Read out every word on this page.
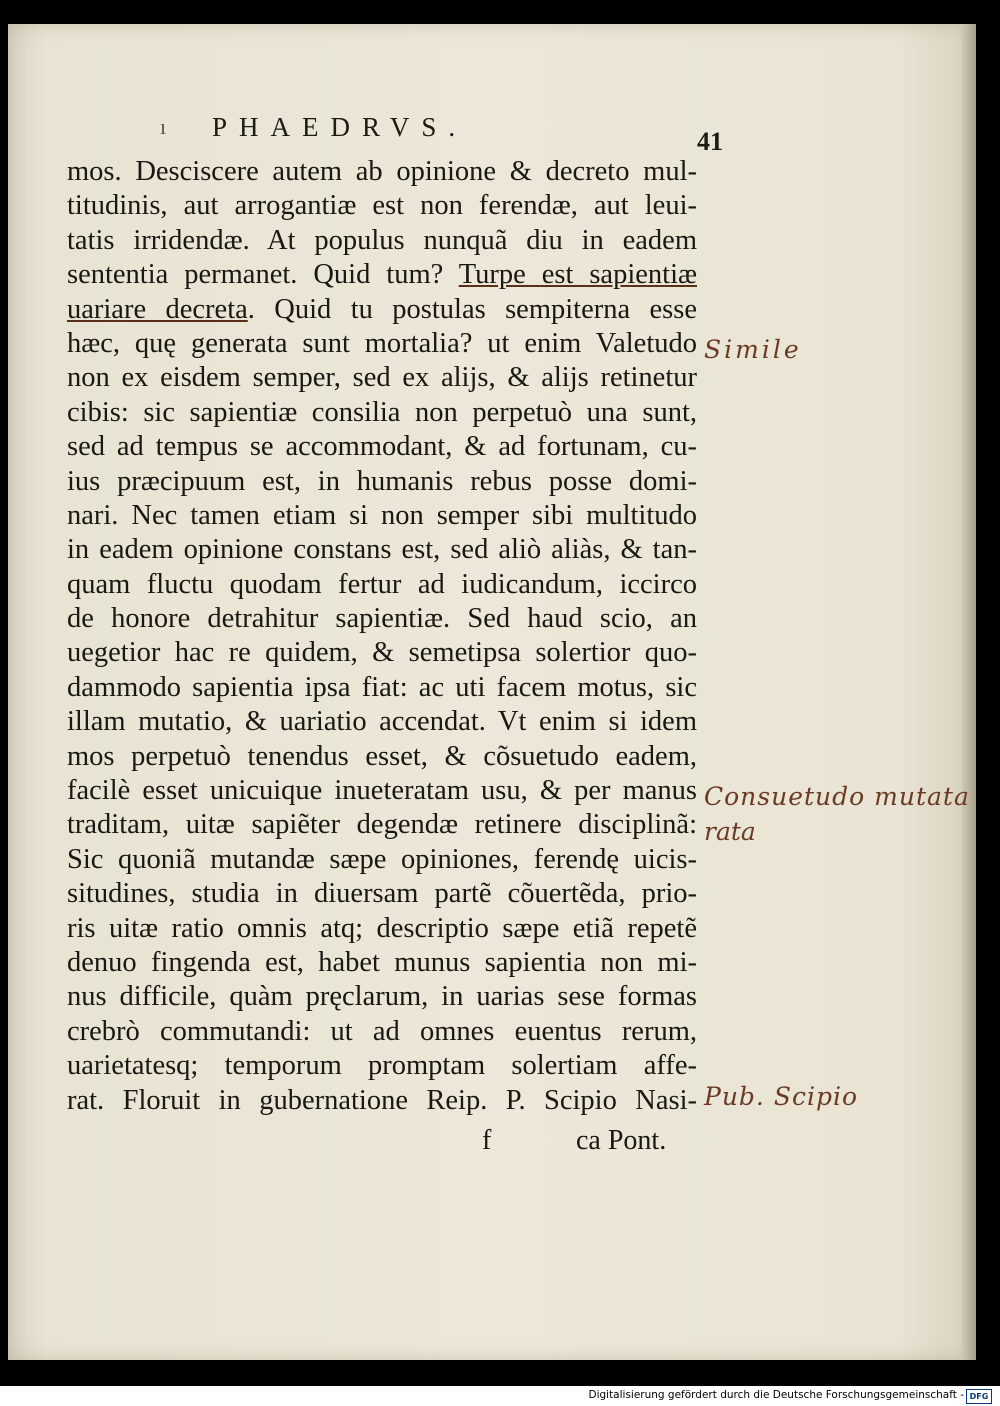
ı PHAEDRVS.	41
mos. Desciscere autem ab opinione & decreto mul-
titudinis, aut arrogantiæ est non ferendæ, aut leui-
tatis irridendæ. At populus nunquã diu in eadem
sententia permanet. Quid tum? Turpe est sapientiæ
uariare decreta. Quid tu postulas sempiterna esse
hæc, quę generata sunt mortalia? ut enim Valetudo
non ex eisdem semper, sed ex alijs, & alijs retinetur
cibis: sic sapientiæ consilia non perpetuò una sunt,
sed ad tempus se accommodant, & ad fortunam, cu-
ius præcipuum est, in humanis rebus posse domi-
nari. Nec tamen etiam si non semper sibi multitudo
in eadem opinione constans est, sed aliò aliàs, & tan-
quam fluctu quodam fertur ad iudicandum, iccirco
de honore detrahitur sapientiæ. Sed haud scio, an
uegetior hac re quidem, & semetipsa solertior quo-
dammodo sapientia ipsa fiat: ac uti facem motus, sic
illam mutatio, & uariatio accendat. Vt enim si idem
mos perpetuò tenendus esset, & cõsuetudo eadem,
facilè esset unicuique inueteratam usu, & per manus
traditam, uitæ sapiẽter degendæ retinere disciplinã:
Sic quoniã mutandæ sæpe opiniones, ferendę uicis-
situdines, studia in diuersam partẽ cõuertẽda, prio-
ris uitæ ratio omnis atq; descriptio sæpe etiã repetẽ
denuo fingenda est, habet munus sapientia non mi-
nus difficile, quàm pręclarum, in uarias sese formas
crebrò commutandi: ut ad omnes euentus rerum,
uarietatesq; temporum promptam solertiam affe-
rat. Floruit in gubernatione Reip. P. Scipio Nasi-
f	ca Pont.
Simile
Consuetudo mutata
rata
Pub. Scipio
Digitalisierung gefördert durch die Deutsche Forschungsgemeinschaft - DFG
